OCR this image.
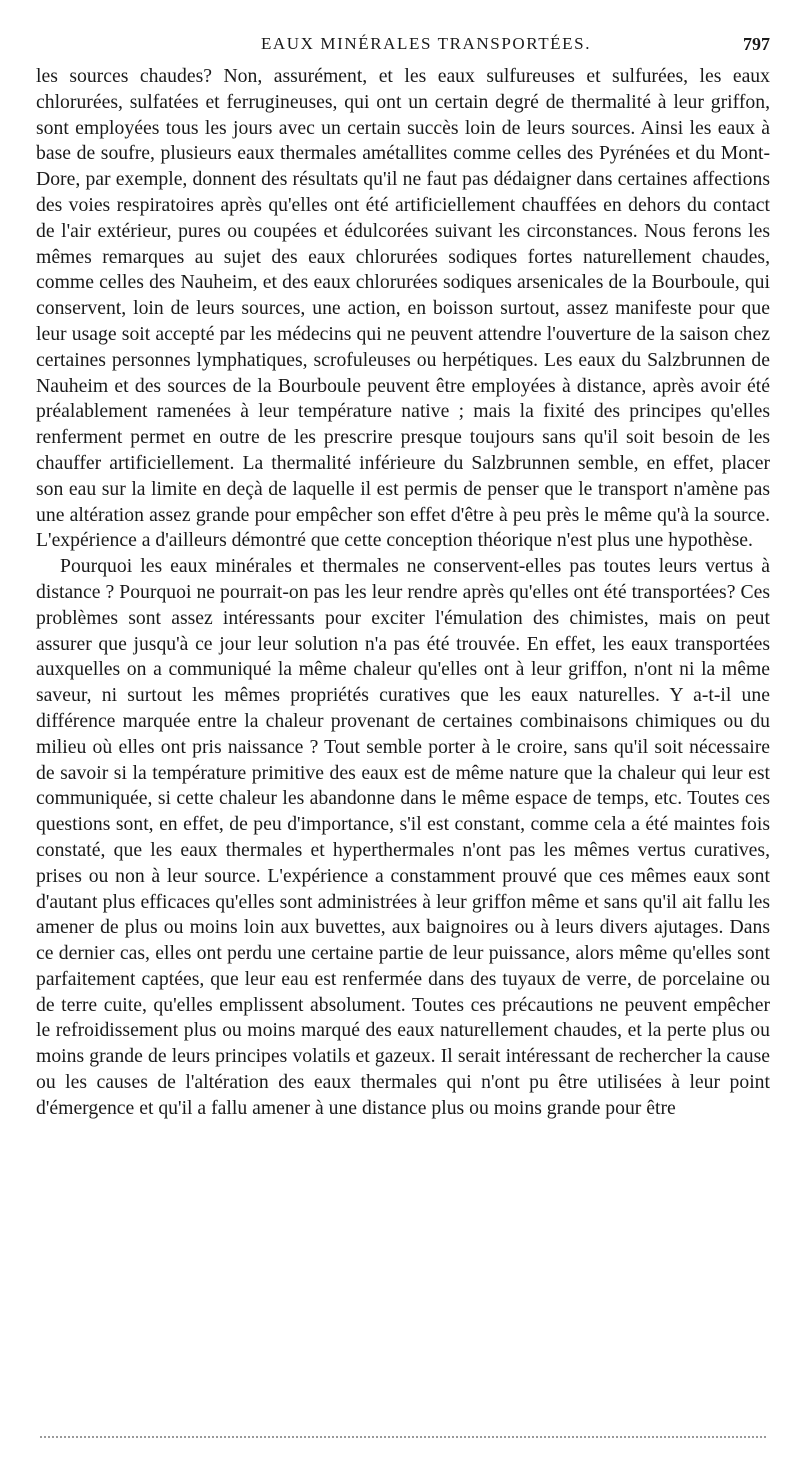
EAUX MINÉRALES TRANSPORTÉES.	797

les sources chaudes? Non, assurément, et les eaux sulfureuses et sulfurées, les eaux chlorurées, sulfatées et ferrugineuses, qui ont un certain degré de thermalité à leur griffon, sont employées tous les jours avec un certain succès loin de leurs sources. Ainsi les eaux à base de soufre, plusieurs eaux thermales amétallites comme celles des Pyrénées et du Mont-Dore, par exemple, donnent des résultats qu'il ne faut pas dédaigner dans certaines affections des voies respiratoires après qu'elles ont été artificiellement chauffées en dehors du contact de l'air extérieur, pures ou coupées et édulcorées suivant les circonstances. Nous ferons les mêmes remarques au sujet des eaux chlorurées sodiques fortes naturellement chaudes, comme celles des Nauheim, et des eaux chlorurées sodiques arsenicales de la Bourboule, qui conservent, loin de leurs sources, une action, en boisson surtout, assez manifeste pour que leur usage soit accepté par les médecins qui ne peuvent attendre l'ouverture de la saison chez certaines personnes lymphatiques, scrofuleuses ou herpétiques. Les eaux du Salzbrunnen de Nauheim et des sources de la Bourboule peuvent être employées à distance, après avoir été préalablement ramenées à leur température native ; mais la fixité des principes qu'elles renferment permet en outre de les prescrire presque toujours sans qu'il soit besoin de les chauffer artificiellement. La thermalité inférieure du Salzbrunnen semble, en effet, placer son eau sur la limite en deçà de laquelle il est permis de penser que le transport n'amène pas une altération assez grande pour empêcher son effet d'être à peu près le même qu'à la source. L'expérience a d'ailleurs démontré que cette conception théorique n'est plus une hypothèse.

Pourquoi les eaux minérales et thermales ne conservent-elles pas toutes leurs vertus à distance ? Pourquoi ne pourrait-on pas les leur rendre après qu'elles ont été transportées? Ces problèmes sont assez intéressants pour exciter l'émulation des chimistes, mais on peut assurer que jusqu'à ce jour leur solution n'a pas été trouvée. En effet, les eaux transportées auxquelles on a communiqué la même chaleur qu'elles ont à leur griffon, n'ont ni la même saveur, ni surtout les mêmes propriétés curatives que les eaux naturelles. Y a-t-il une différence marquée entre la chaleur provenant de certaines combinaisons chimiques ou du milieu où elles ont pris naissance ? Tout semble porter à le croire, sans qu'il soit nécessaire de savoir si la température primitive des eaux est de même nature que la chaleur qui leur est communiquée, si cette chaleur les abandonne dans le même espace de temps, etc. Toutes ces questions sont, en effet, de peu d'importance, s'il est constant, comme cela a été maintes fois constaté, que les eaux thermales et hyperthermales n'ont pas les mêmes vertus curatives, prises ou non à leur source. L'expérience a constamment prouvé que ces mêmes eaux sont d'autant plus efficaces qu'elles sont administrées à leur griffon même et sans qu'il ait fallu les amener de plus ou moins loin aux buvettes, aux baignoires ou à leurs divers ajutages. Dans ce dernier cas, elles ont perdu une certaine partie de leur puissance, alors même qu'elles sont parfaitement captées, que leur eau est renfermée dans des tuyaux de verre, de porcelaine ou de terre cuite, qu'elles emplissent absolument. Toutes ces précautions ne peuvent empêcher le refroidissement plus ou moins marqué des eaux naturellement chaudes, et la perte plus ou moins grande de leurs principes volatils et gazeux. Il serait intéressant de rechercher la cause ou les causes de l'altération des eaux thermales qui n'ont pu être utilisées à leur point d'émergence et qu'il a fallu amener à une distance plus ou moins grande pour être
